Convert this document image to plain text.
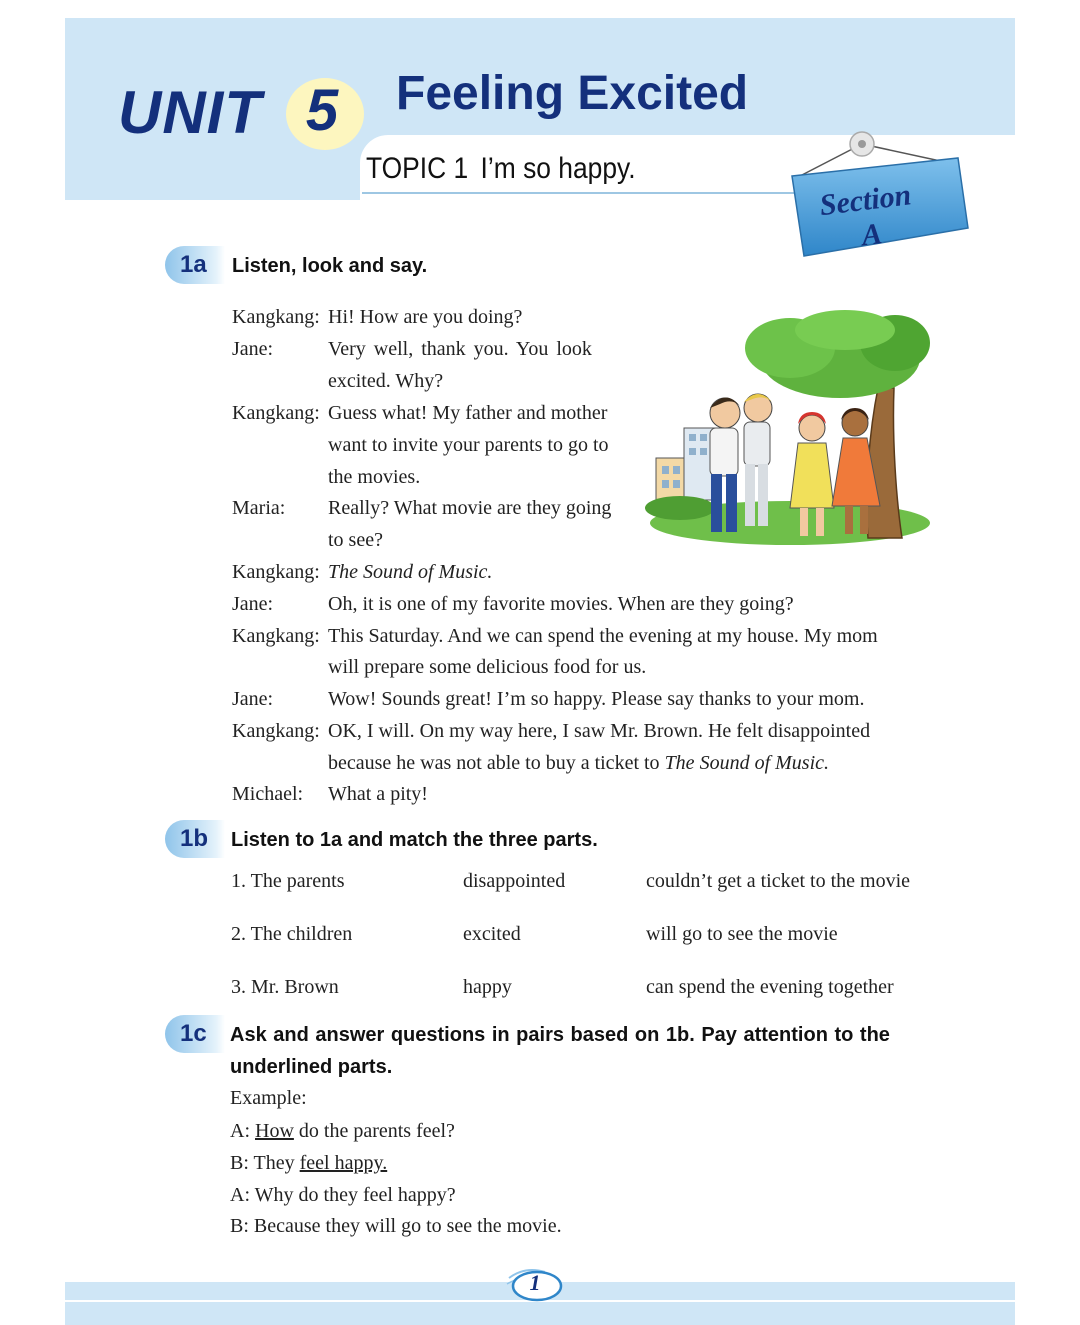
UNIT 5	Feeling Excited
TOPIC 1 I’m so happy.
Section
A
1a	Listen, look and say.
Kangkang: Hi! How are you doing?
Jane:	Very well, thank you. You look
excited. Why?
Kangkang: Guess what! My father and mother
want to invite your parents to go to
the movies.
Maria: Really? What movie are they going
to see?
Kangkang: The Sound of Music.
Jane:	Oh, it is one of my favorite movies. When are they going?
Kangkang: This Saturday. And we can spend the evening at my house. My mom
will prepare some delicious food for us.
Jane:	Wow! Sounds great! I’m so happy. Please say thanks to your mom.
Kangkang: OK, I will. On my way here, I saw Mr. Brown. He felt disappointed
because he was not able to buy a ticket to The Sound of Music.
Michael: What a pity!
1b	Listen to 1a and match the three parts.
1. The parents	disappointed	couldn’t get a ticket to the movie
2. The children	excited	will go to see the movie
3. Mr. Brown	happy	can spend the evening together
1c	Ask and answer questions in pairs based on 1b. Pay attention to the
underlined parts.
Example:
A: How do the parents feel?
B: They feel happy.
A: Why do they feel happy?
B: Because they will go to see the movie.
1
